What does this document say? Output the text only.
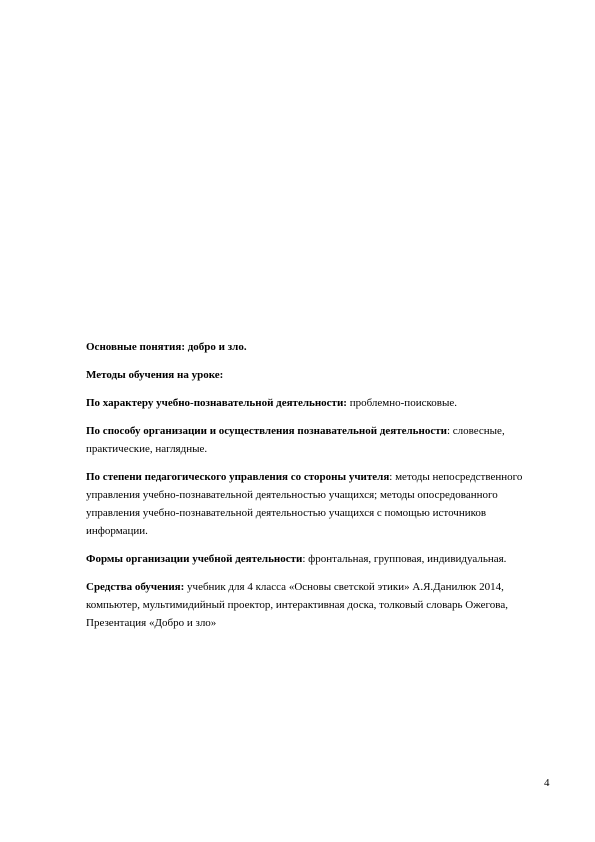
Основные понятия: добро и зло.

Методы обучения на уроке:

По характеру учебно-познавательной деятельности: проблемно-поисковые.

По способу организации и осуществления познавательной деятельности: словесные, практические, наглядные.

По степени педагогического управления со стороны учителя: методы непосредственного управления учебно-познавательной деятельностью учащихся; методы опосредованного управления учебно-познавательной деятельностью учащихся с помощью источников информации.

Формы организации учебной деятельности: фронтальная, групповая, индивидуальная.

Средства обучения: учебник для 4 класса «Основы светской этики» А.Я.Данилюк 2014, компьютер, мультимидийный проектор, интерактивная доска, толковый словарь Ожегова, Презентация «Добро и зло»

4
